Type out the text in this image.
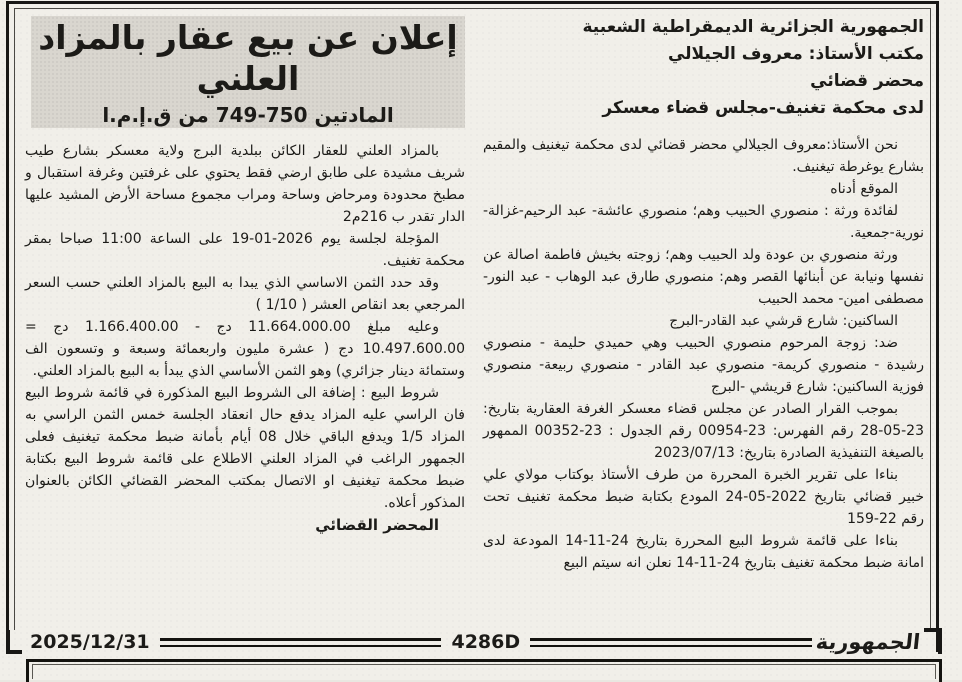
الجمهورية الجزائرية الديمقراطية الشعبية
مكتب الأستاذ: معروف الجيلالي
محضر قضائي
لدى محكمة تغنيف-مجلس قضاء معسكر

نحن الأستاذ:معروف الجيلالي محضر قضائي لدى محكمة تيغنيف والمقيم بشارع يوغرطة تيغنيف.

الموقع أدناه

لفائدة ورثة : منصوري الحبيب وهم؛ منصوري عائشة- عبد الرحيم-غزالة-نورية-جمعية.

ورثة منصوري بن عودة ولد الحبيب وهم؛ زوجته بخيش فاطمة اصالة عن نفسها ونيابة عن أبنائها القصر وهم: منصوري طارق عبد الوهاب - عبد النور-مصطفى امين- محمد الحبيب

الساكنين: شارع قرشي عبد القادر-البرج

ضد: زوجة المرحوم منصوري الحبيب وهي حميدي حليمة - منصوري رشيدة - منصوري كريمة- منصوري عبد القادر - منصوري ربيعة- منصوري فوزية الساكنين: شارع قريشي -البرج

بموجب القرار الصادر عن مجلس قضاء معسكر الغرفة العقارية بتاريخ: 23-05-28 رقم الفهرس: 23-00954 رقم الجدول : 23-00352 الممهور بالصيغة التنفيذية الصادرة بتاريخ: 2023/07/13

بناءا على تقرير الخبرة المحررة من طرف الأستاذ بوكتاب مولاي علي خبير قضائي بتاريخ 2022-05-24 المودع بكتابة ضبط محكمة تغنيف تحت رقم 22-159

بناءا على قائمة شروط البيع المحررة بتاريخ 24-11-14 المودعة لدى امانة ضبط محكمة تغنيف بتاريخ 24-11-14 نعلن انه سيتم البيع

إعلان عن بيع عقار بالمزاد العلني

المادتين 750-749 من ق.إ.م.ا

بالمزاد العلني للعقار الكائن ببلدية البرج ولاية معسكر بشارع طيب شريف مشيدة على طابق ارضي فقط يحتوي على غرفتين وغرفة استقبال و مطبخ محدودة ومرحاض وساحة ومراب مجموع مساحة الأرض المشيد عليها الدار تقدر ب 216م2

المؤجلة لجلسة يوم 2026-01-19 على الساعة 11:00 صباحا بمقر محكمة تغنيف.

وقد حدد الثمن الاساسي الذي يبدا به البيع بالمزاد العلني حسب السعر المرجعي بعد انقاص العشر ( 1/10 )

وعليه مبلغ 11.664.000.00 دج - 1.166.400.00 دج = 10.497.600.00 دج ( عشرة مليون واربعمائة وسبعة و وتسعون الف وستمائة دينار جزائري) وهو الثمن الأساسي الذي يبدأ به البيع بالمزاد العلني.

شروط البيع : إضافة الى الشروط البيع المذكورة في قائمة شروط البيع فان الراسي عليه المزاد يدفع حال انعقاد الجلسة خمس الثمن الراسي به المزاد 1/5 ويدفع الباقي خلال 08 أيام بأمانة ضبط محكمة تيغنيف فعلى الجمهور الراغب في المزاد العلني الاطلاع على قائمة شروط البيع بكتابة ضبط محكمة تيغنيف او الاتصال بمكتب المحضر القضائي الكائن بالعنوان المذكور أعلاه.

المحضر القضائي

2025/12/31	4286D	الجمهورية
